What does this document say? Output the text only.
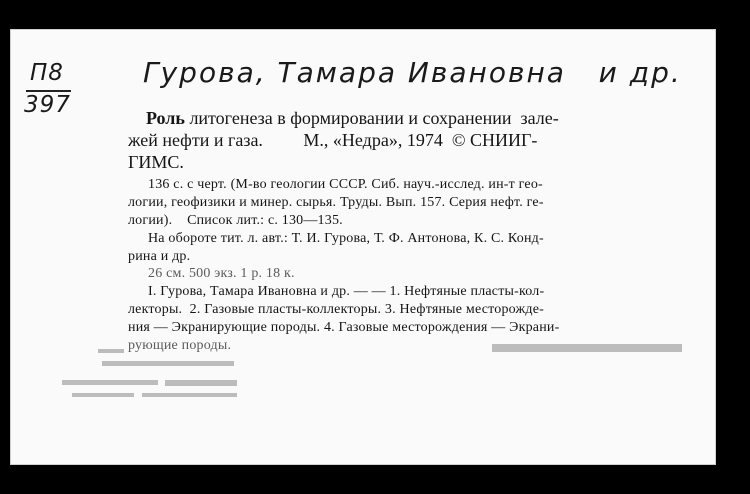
П8
397
Гурова, Тамара Ивановна   и др.
Роль литогенеза в формировании и сохранении  зале-
жей нефти и газа.         М., «Недра», 1974  © СНИИГ-
ГИМС.
136 с. с черт. (М-во геологии СССР. Сиб. науч.-исслед. ин-т гео-
логии, геофизики и минер. сырья. Труды. Вып. 157. Серия нефт. ге-
логии).    Список лит.: с. 130—135.
На обороте тит. л. авт.: Т. И. Гурова, Т. Ф. Антонова, К. С. Конд-
рина и др.
26 см. 500 экз. 1 р. 18 к.
I. Гурова, Тамара Ивановна и др. — — 1. Нефтяные пласты-кол-
лекторы.  2. Газовые пласты-коллекторы. 3. Нефтяные месторожде-
ния — Экранирующие породы. 4. Газовые месторождения — Экрани-
рующие породы.
